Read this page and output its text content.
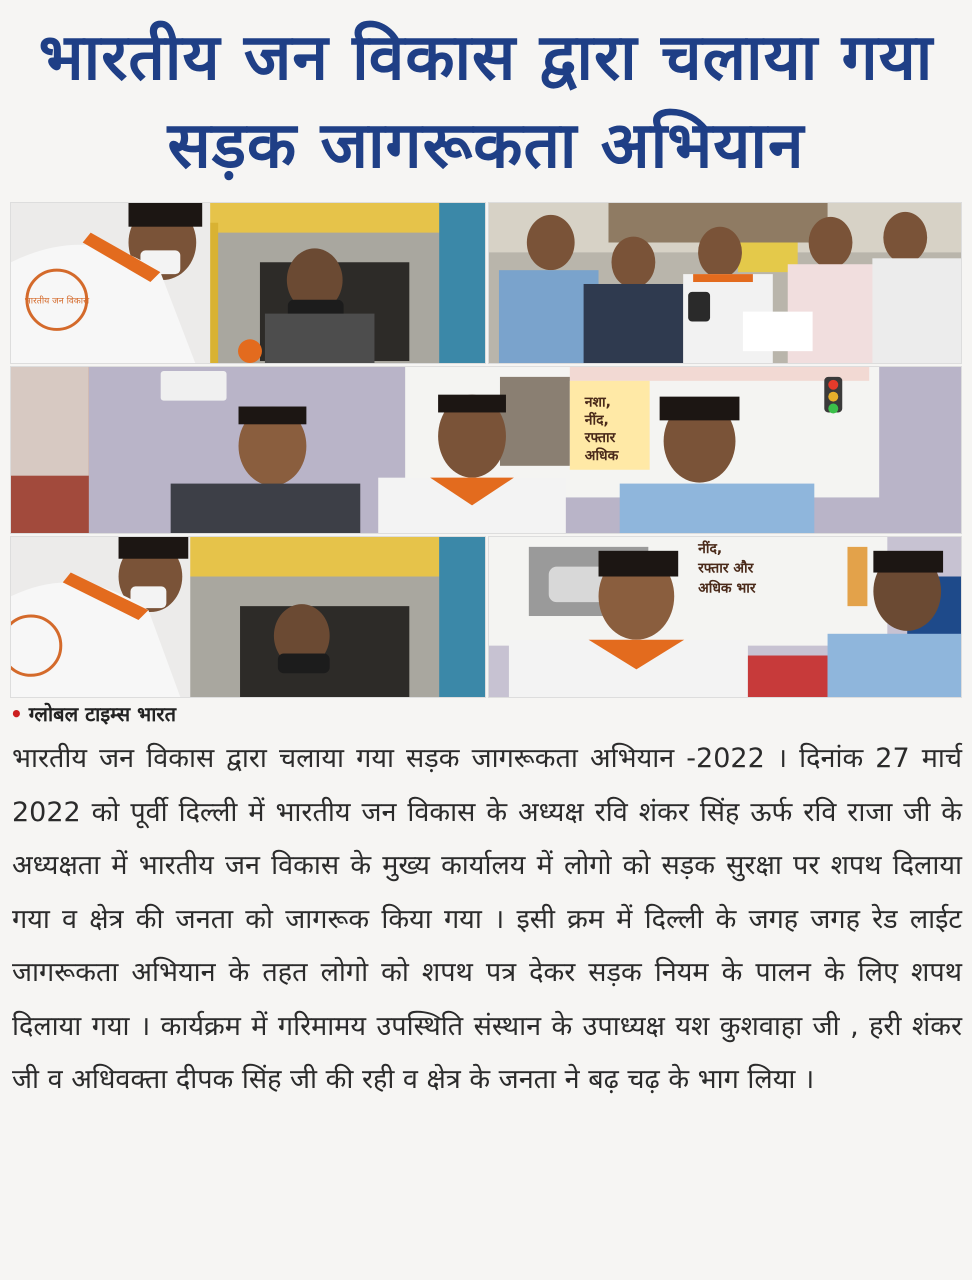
भारतीय जन विकास द्वारा चलाया गया सड़क जागरूकता अभियान
भारतीय जन विकास
नशा,
नींद,
रफ्तार
अधिक
नींद,
रफ्तार और
अधिक भार
• ग्लोबल टाइम्स भारत
भारतीय जन विकास द्वारा चलाया गया सड़क जागरूकता अभियान -2022 । दिनांक 27 मार्च 2022 को पूर्वी दिल्ली में भारतीय जन विकास के अध्यक्ष रवि शंकर सिंह ऊर्फ रवि राजा जी के अध्यक्षता में भारतीय जन विकास के मुख्य कार्यालय में लोगो को सड़क सुरक्षा पर शपथ दिलाया गया व क्षेत्र की जनता को जागरूक किया गया । इसी क्रम में दिल्ली के जगह जगह रेड लाईट जागरूकता अभियान के तहत लोगो को शपथ पत्र देकर सड़क नियम के पालन के लिए शपथ दिलाया गया । कार्यक्रम में गरिमामय उपस्थिति संस्थान के उपाध्यक्ष यश कुशवाहा जी , हरी शंकर जी व अधिवक्ता दीपक सिंह जी की रही व क्षेत्र के जनता ने बढ़ चढ़ के भाग लिया ।
